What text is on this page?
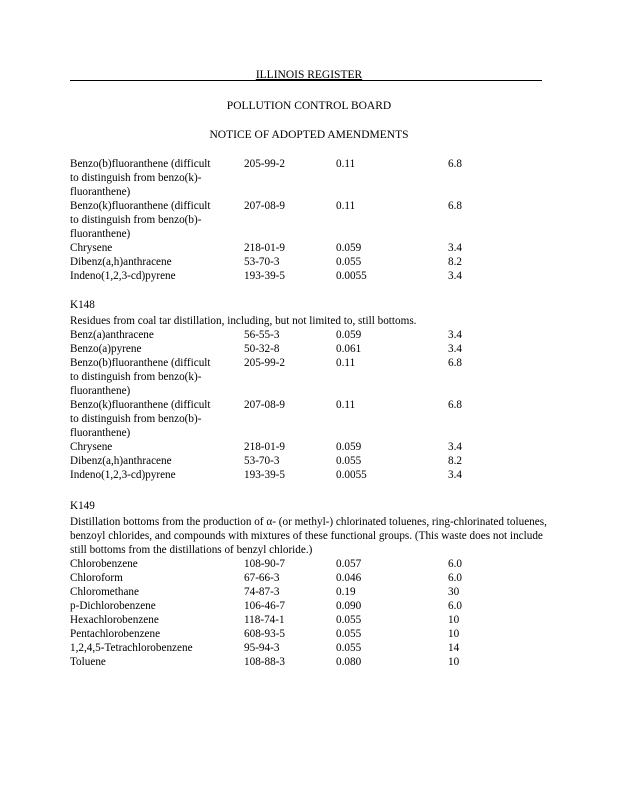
ILLINOIS REGISTER
POLLUTION CONTROL BOARD
NOTICE OF ADOPTED AMENDMENTS
Benzo(b)fluoranthene (difficult
to distinguish from benzo(k)-
fluoranthene)
205-99-2	0.11	6.8
Benzo(k)fluoranthene (difficult
to distinguish from benzo(b)-
fluoranthene)
207-08-9	0.11	6.8
Chrysene	218-01-9	0.059	3.4
Dibenz(a,h)anthracene	53-70-3	0.055	8.2
Indeno(1,2,3-cd)pyrene	193-39-5	0.0055	3.4
K148
Residues from coal tar distillation, including, but not limited to, still bottoms.
Benz(a)anthracene	56-55-3	0.059	3.4
Benzo(a)pyrene	50-32-8	0.061	3.4
Benzo(b)fluoranthene (difficult
to distinguish from benzo(k)-
fluoranthene)
205-99-2	0.11	6.8
Benzo(k)fluoranthene (difficult
to distinguish from benzo(b)-
fluoranthene)
207-08-9	0.11	6.8
Chrysene	218-01-9	0.059	3.4
Dibenz(a,h)anthracene	53-70-3	0.055	8.2
Indeno(1,2,3-cd)pyrene	193-39-5	0.0055	3.4
K149
Distillation bottoms from the production of α- (or methyl-) chlorinated toluenes, ring-chlorinated toluenes, benzoyl chlorides, and compounds with mixtures of these functional groups. (This waste does not include still bottoms from the distillations of benzyl chloride.)
Chlorobenzene	108-90-7	0.057	6.0
Chloroform	67-66-3	0.046	6.0
Chloromethane	74-87-3	0.19	30
p-Dichlorobenzene	106-46-7	0.090	6.0
Hexachlorobenzene	118-74-1	0.055	10
Pentachlorobenzene	608-93-5	0.055	10
1,2,4,5-Tetrachlorobenzene	95-94-3	0.055	14
Toluene	108-88-3	0.080	10
